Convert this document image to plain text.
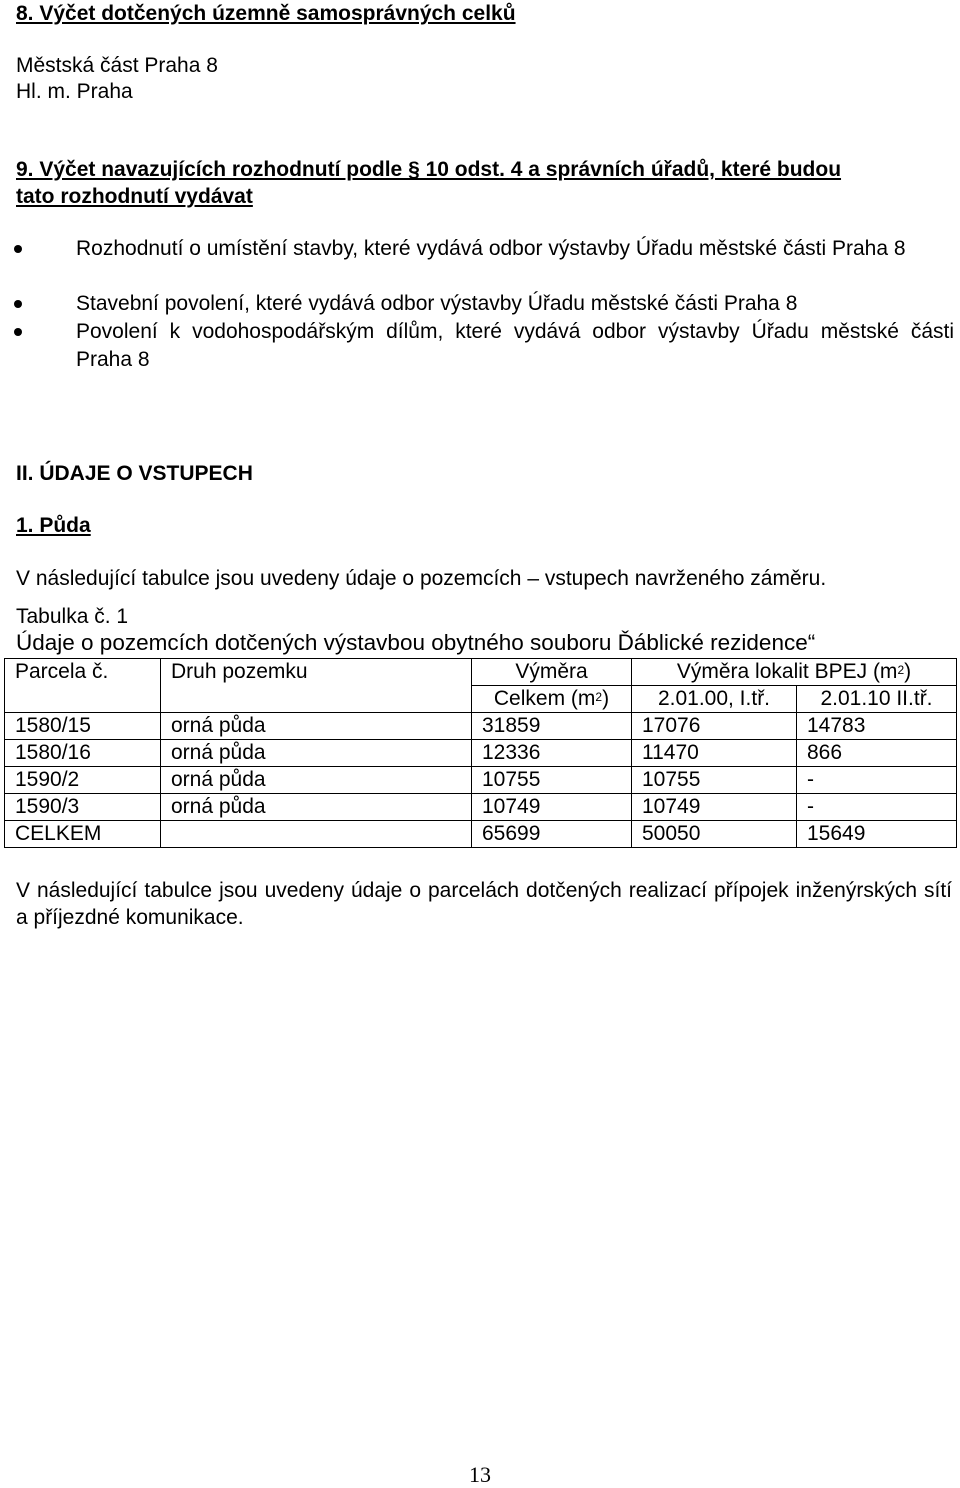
8. Výčet dotčených územně samosprávných celků
Městská část Praha 8
Hl. m. Praha
9. Výčet navazujících rozhodnutí podle § 10 odst. 4 a správních úřadů, které budou
tato rozhodnutí vydávat
Rozhodnutí o umístění stavby, které vydává odbor výstavby Úřadu městské části Praha 8
Stavební povolení, které vydává odbor výstavby Úřadu městské části Praha 8
Povolení k vodohospodářským dílům, které vydává odbor výstavby Úřadu městské části Praha 8
II. ÚDAJE O VSTUPECH
1. Půda
V následující tabulce jsou uvedeny údaje o pozemcích – vstupech navrženého záměru.
Tabulka č. 1
Údaje o pozemcích dotčených výstavbou obytného souboru Ďáblické rezidence“
Parcela č.	Druh pozemku	Výměra	Výměra lokalit BPEJ $(m^2)$	
		Celkem $(m^2)$	2.01.00, I.tř.	2.01.10 II.tř.
1580/15	orná půda	31859	17076	14783
1580/16	orná půda	12336	11470	866
1590/2	orná půda	10755	10755	-
1590/3	orná půda	10749	10749	-
CELKEM		65699	50050	15649
V následující tabulce jsou uvedeny údaje o parcelách dotčených realizací přípojek inženýrských sítí a příjezdné komunikace.
13
